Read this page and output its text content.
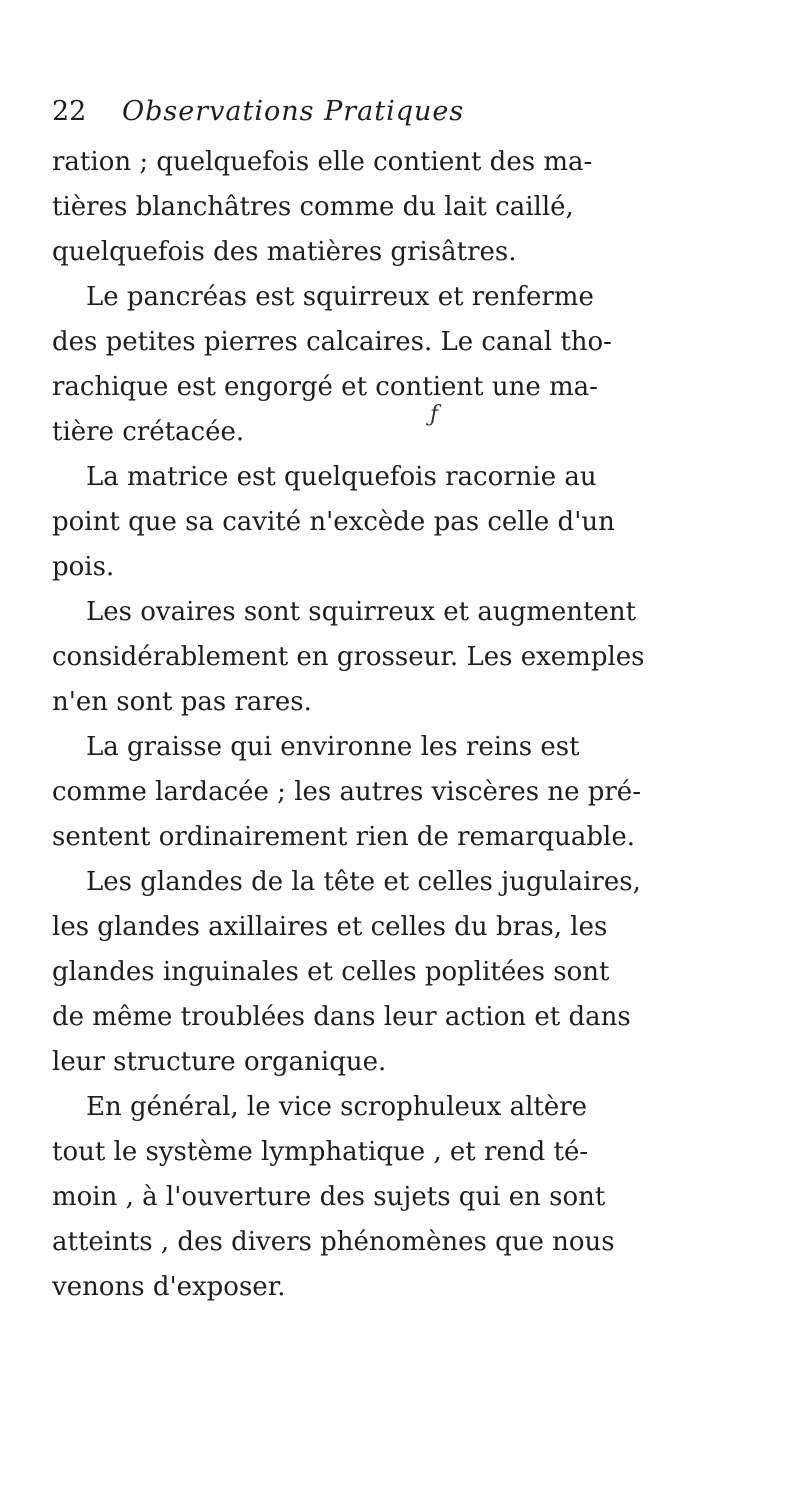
22 Observations Pratiques
ƒ
ration ; quelquefois elle contient des ma-
tières blanchâtres comme du lait caillé,
quelquefois des matières grisâtres.
Le pancréas est squirreux et renferme
des petites pierres calcaires. Le canal tho-
rachique est engorgé et contient une ma-
tière crétacée.
La matrice est quelquefois racornie au
point que sa cavité n'excède pas celle d'un
pois.
Les ovaires sont squirreux et augmentent
considérablement en grosseur. Les exemples
n'en sont pas rares.
La graisse qui environne les reins est
comme lardacée ; les autres viscères ne pré-
sentent ordinairement rien de remarquable.
Les glandes de la tête et celles jugulaires,
les glandes axillaires et celles du bras, les
glandes inguinales et celles poplitées sont
de même troublées dans leur action et dans
leur structure organique.
En général, le vice scrophuleux altère
tout le système lymphatique , et rend té-
moin , à l'ouverture des sujets qui en sont
atteints , des divers phénomènes que nous
venons d'exposer.
